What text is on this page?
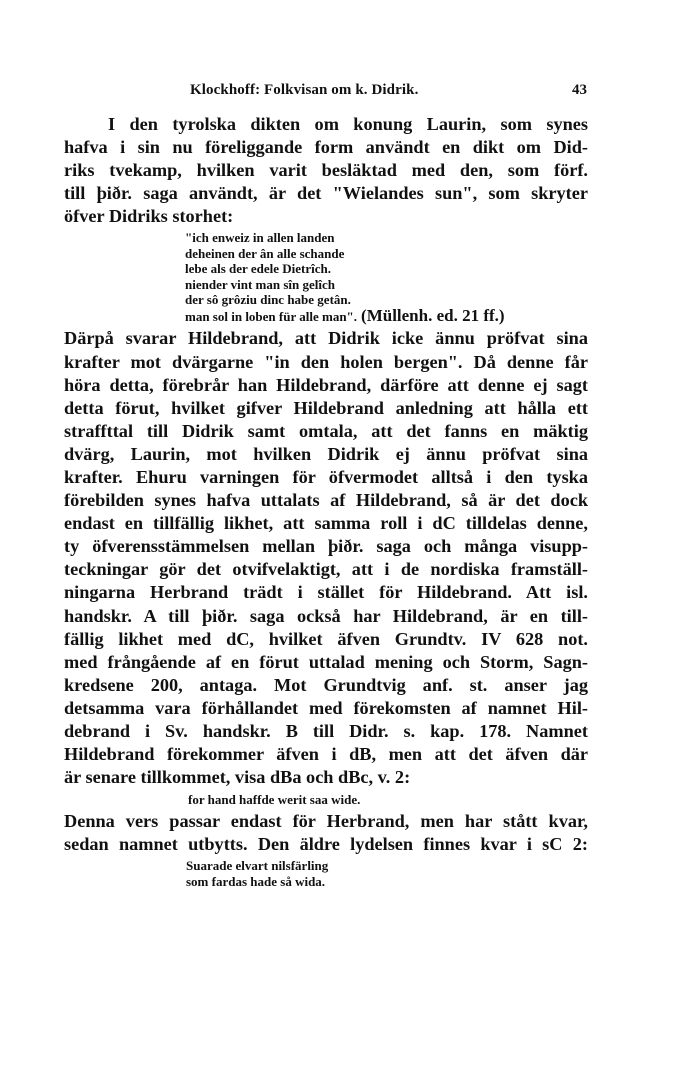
Klockhoff: Folkvisan om k. Didrik.	43
I den tyrolska dikten om konung Laurin, som synes
hafva i sin nu föreliggande form användt en dikt om Did-
riks tvekamp, hvilken varit besläktad med den, som förf.
till þiðr. saga användt, är det "Wielandes sun", som skryter
öfver Didriks storhet:
"ich enweiz in allen landen
deheinen der ân alle schande
lebe als der edele Dietrîch.
niender vint man sîn gelîch
der sô grôziu dinc habe getân.
man sol in loben für alle man". (Müllenh. ed. 21 ff.)
Därpå svarar Hildebrand, att Didrik icke ännu pröfvat sina
krafter mot dvärgarne "in den holen bergen". Då denne får
höra detta, förebrår han Hildebrand, därföre att denne ej sagt
detta förut, hvilket gifver Hildebrand anledning att hålla ett
straffttal till Didrik samt omtala, att det fanns en mäktig
dvärg, Laurin, mot hvilken Didrik ej ännu pröfvat sina
krafter. Ehuru varningen för öfvermodet alltså i den tyska
förebilden synes hafva uttalats af Hildebrand, så är det dock
endast en tillfällig likhet, att samma roll i dC tilldelas denne,
ty öfverensstämmelsen mellan þiðr. saga och många visupp-
teckningar gör det otvifvelaktigt, att i de nordiska framställ-
ningarna Herbrand trädt i stället för Hildebrand. Att isl.
handskr. A till þiðr. saga också har Hildebrand, är en till-
fällig likhet med dC, hvilket äfven Grundtv. IV 628 not.
med frångående af en förut uttalad mening och Storm, Sagn-
kredsene 200, antaga. Mot Grundtvig anf. st. anser jag
detsamma vara förhållandet med förekomsten af namnet Hil-
debrand i Sv. handskr. B till Didr. s. kap. 178. Namnet
Hildebrand förekommer äfven i dB, men att det äfven där
är senare tillkommet, visa dBa och dBc, v. 2:
for hand haffde werit saa wide.
Denna vers passar endast för Herbrand, men har stått kvar,
sedan namnet utbytts. Den äldre lydelsen finnes kvar i sC 2:
Suarade elvart nilsfärling
som fardas hade så wida.
